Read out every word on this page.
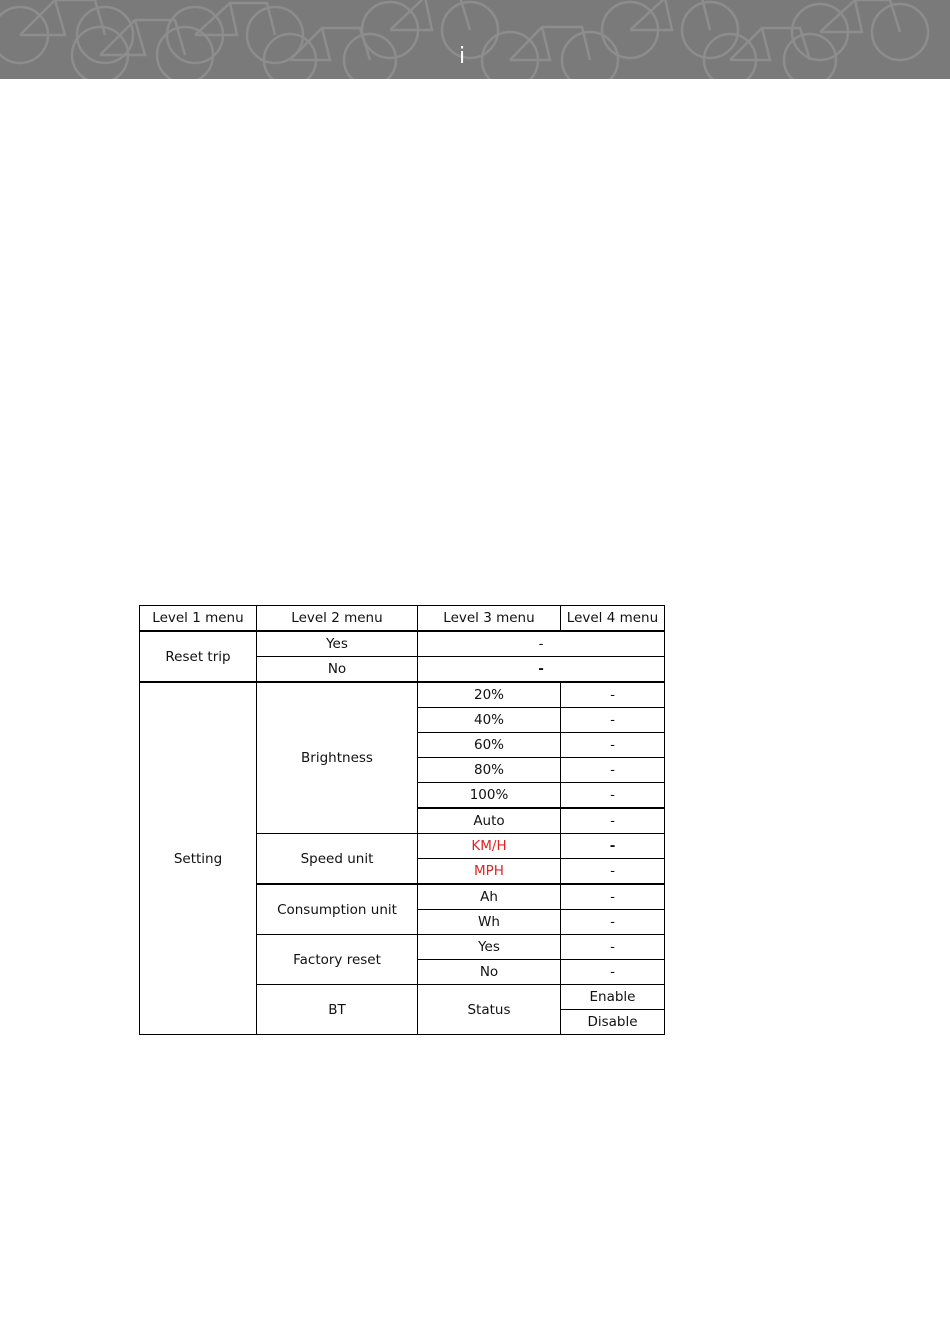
i
Level 1 menu	Level 2 menu	Level 3 menu	Level 4 menu
Reset trip	Yes	-	
	No	-	
Setting	Brightness	20%	-
		40%	-
		60%	-
		80%	-
		100%	-
		Auto	-
	Speed unit	KM/H	-
		MPH	-
	Consumption unit	Ah	-
		Wh	-
	Factory reset	Yes	-
		No	-
	BT	Status	Enable
			Disable
